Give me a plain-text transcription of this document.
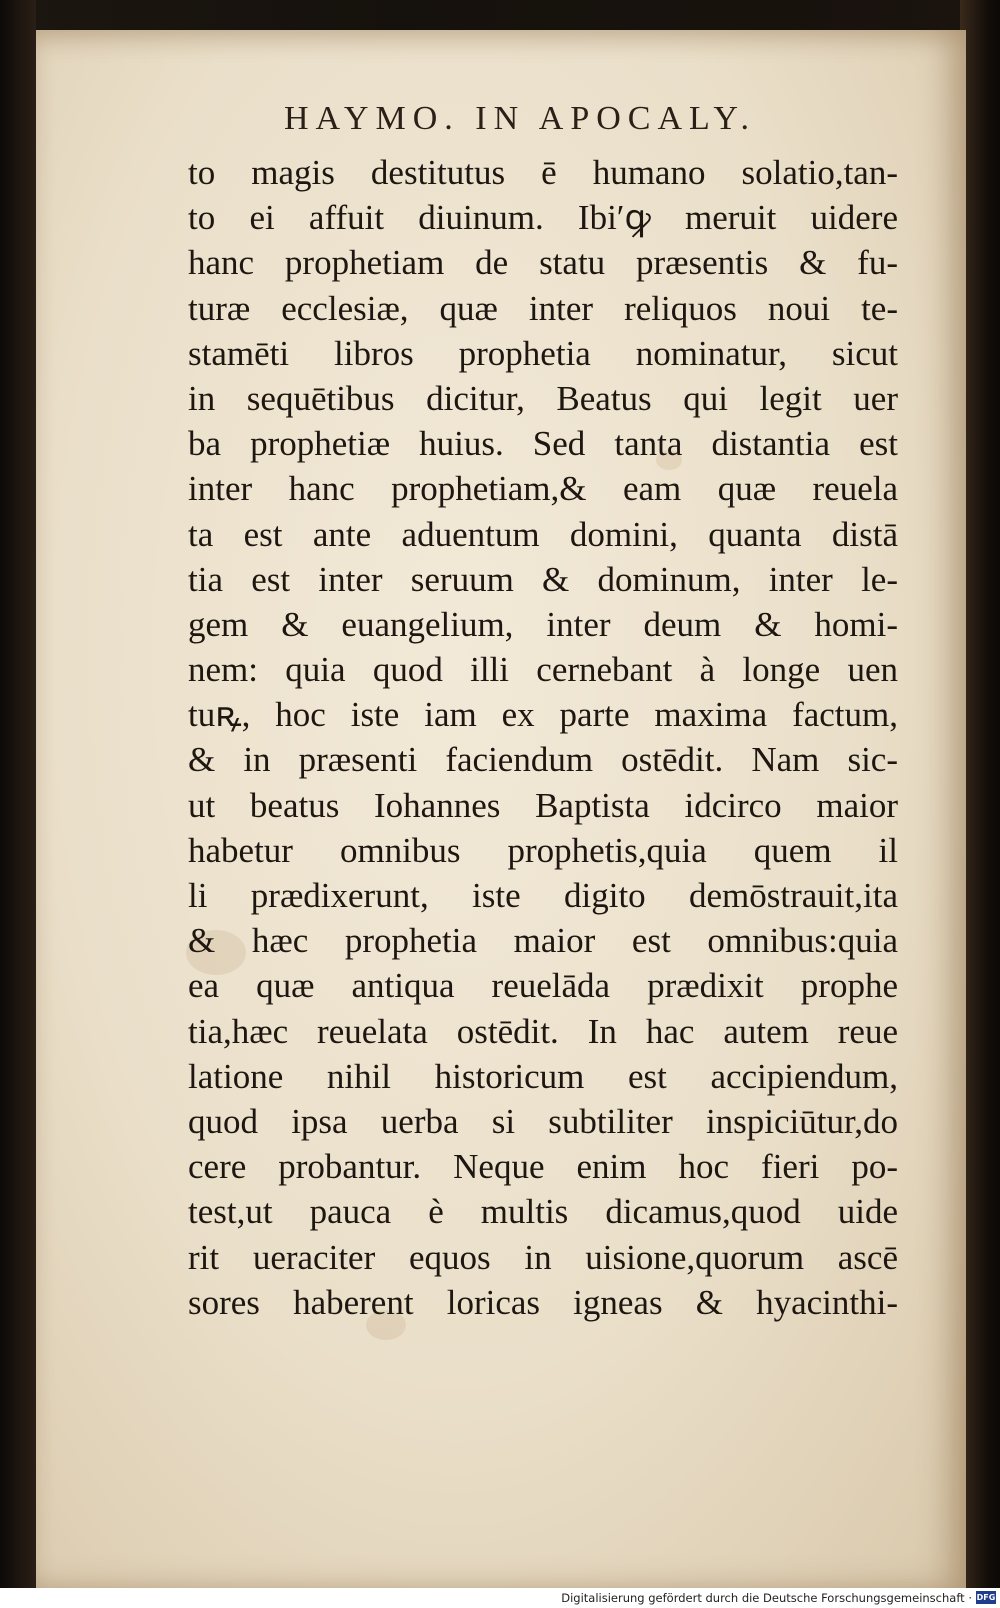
HAYMO. IN APOCALY.
to magis destitutus ē humano solatio,tan-
to ei affuit diuinum. Ibi′ꝙ meruit uidere
hanc prophetiam de statu præsentis & fu-
turæ ecclesiæ, quæ inter reliquos noui te-
stamēti libros prophetia nominatur, sicut
in sequētibus dicitur, Beatus qui legit uer
ba prophetiæ huius. Sed tanta distantia est
inter hanc prophetiam,& eam quæ reuela
ta est ante aduentum domini, quanta distā
tia est inter seruum & dominum, inter le-
gem & euangelium, inter deum & homi-
nem: quia quod illi cernebant à longe uen
tuꝶ, hoc iste iam ex parte maxima factum,
& in præsenti faciendum ostēdit. Nam sic-
ut beatus Iohannes Baptista idcirco maior
habetur omnibus prophetis,quia quem il
li prædixerunt, iste digito demōstrauit,ita
& hæc prophetia maior est omnibus:quia
ea quæ antiqua reuelāda prædixit prophe
tia,hæc reuelata ostēdit. In hac autem reue
latione nihil historicum est accipiendum,
quod ipsa uerba si subtiliter inspiciūtur,do
cere probantur. Neque enim hoc fieri po-
test,ut pauca è multis dicamus,quod uide
rit ueraciter equos in uisione,quorum ascē
sores haberent loricas igneas & hyacinthi-
Digitalisierung gefördert durch die Deutsche Forschungsgemeinschaft · DFG
